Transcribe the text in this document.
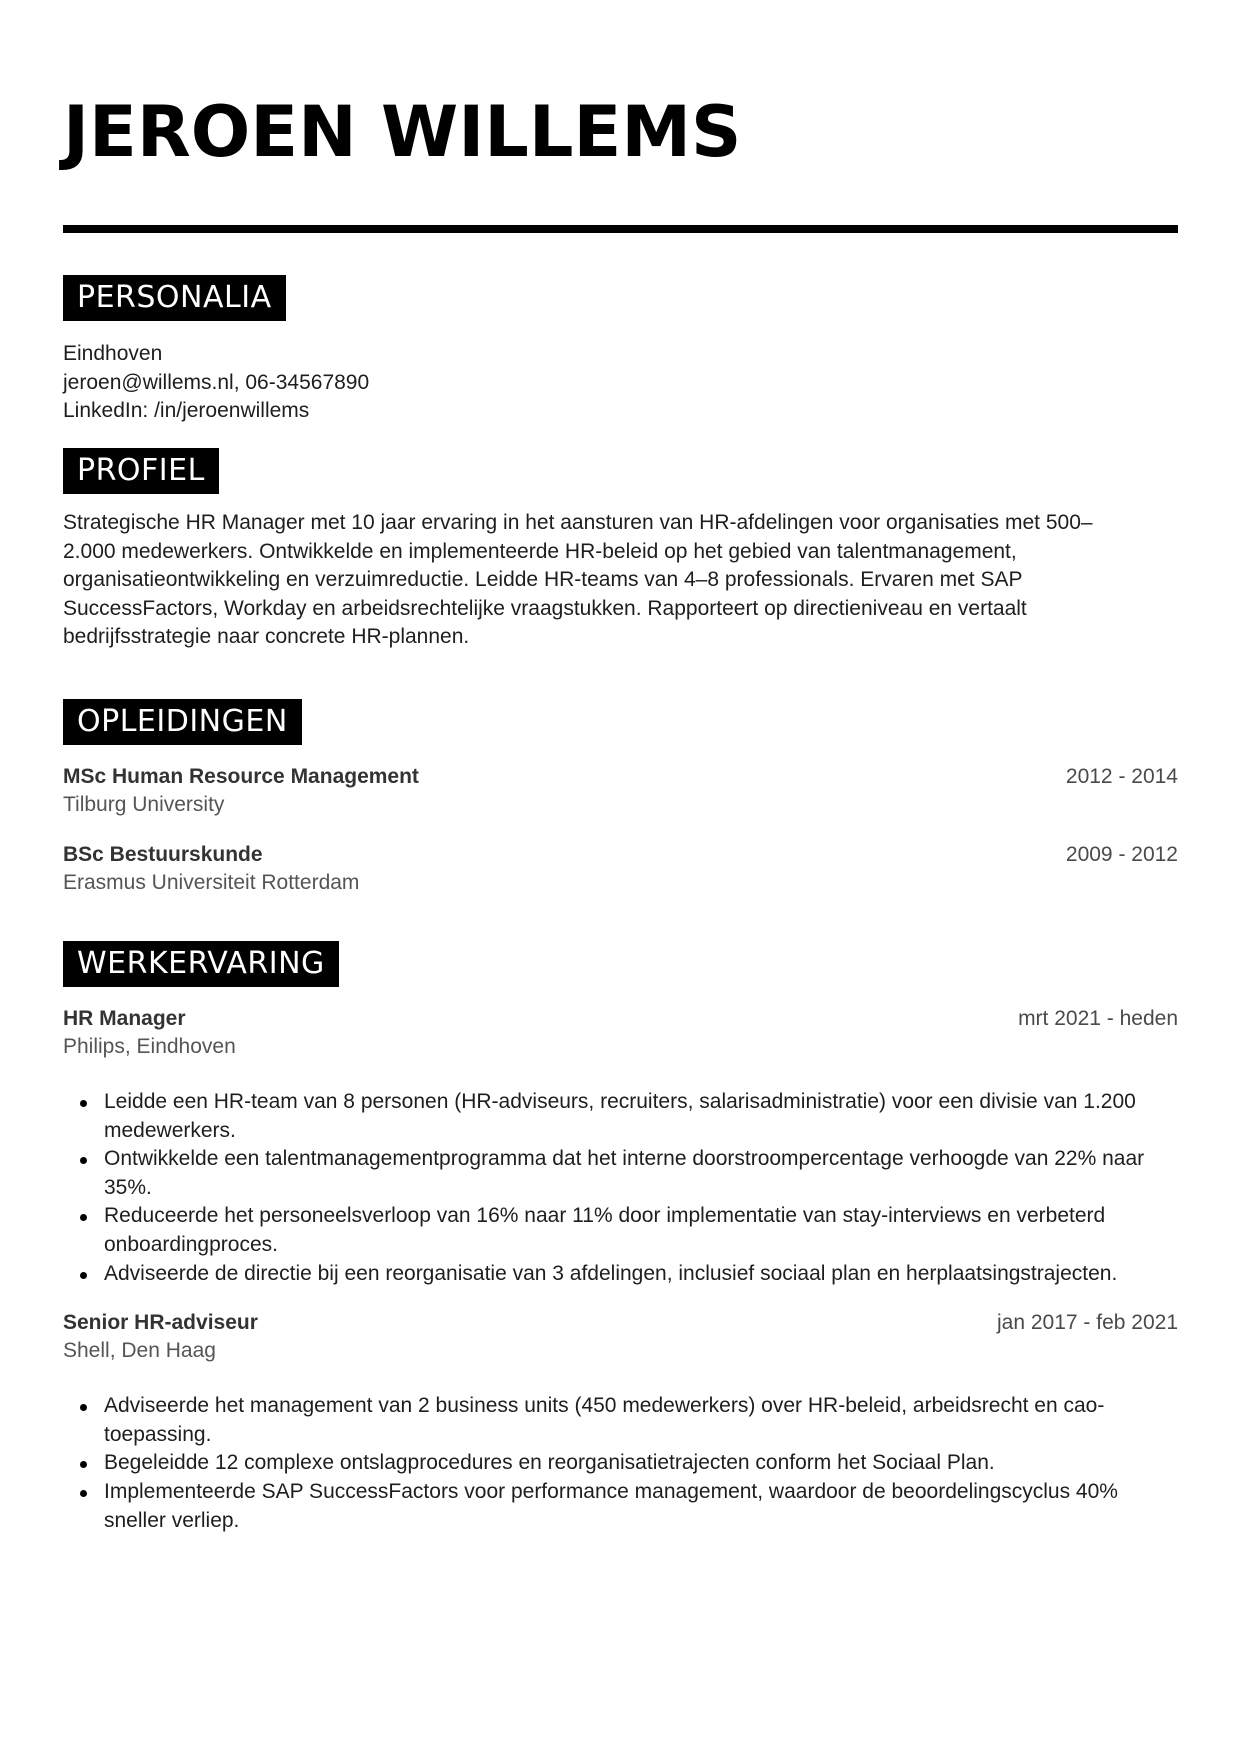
JEROEN WILLEMS
PERSONALIA
Eindhoven
jeroen@willems.nl, 06-34567890
LinkedIn: /in/jeroenwillems
PROFIEL
Strategische HR Manager met 10 jaar ervaring in het aansturen van HR-afdelingen voor organisaties met 500–2.000 medewerkers. Ontwikkelde en implementeerde HR-beleid op het gebied van talentmanagement, organisatieontwikkeling en verzuimreductie. Leidde HR-teams van 4–8 professionals. Ervaren met SAP SuccessFactors, Workday en arbeidsrechtelijke vraagstukken. Rapporteert op directieniveau en vertaalt bedrijfsstrategie naar concrete HR-plannen.
OPLEIDINGEN
MSc Human Resource Management	2012 - 2014
Tilburg University
BSc Bestuurskunde	2009 - 2012
Erasmus Universiteit Rotterdam
WERKERVARING
HR Manager	mrt 2021 - heden
Philips, Eindhoven
Leidde een HR-team van 8 personen (HR-adviseurs, recruiters, salarisadministratie) voor een divisie van 1.200 medewerkers.
Ontwikkelde een talentmanagementprogramma dat het interne doorstroompercentage verhoogde van 22% naar 35%.
Reduceerde het personeelsverloop van 16% naar 11% door implementatie van stay-interviews en verbeterd onboardingproces.
Adviseerde de directie bij een reorganisatie van 3 afdelingen, inclusief sociaal plan en herplaatsingstrajecten.
Senior HR-adviseur	jan 2017 - feb 2021
Shell, Den Haag
Adviseerde het management van 2 business units (450 medewerkers) over HR-beleid, arbeidsrecht en cao-toepassing.
Begeleidde 12 complexe ontslagprocedures en reorganisatietrajecten conform het Sociaal Plan.
Implementeerde SAP SuccessFactors voor performance management, waardoor de beoordelingscyclus 40% sneller verliep.
